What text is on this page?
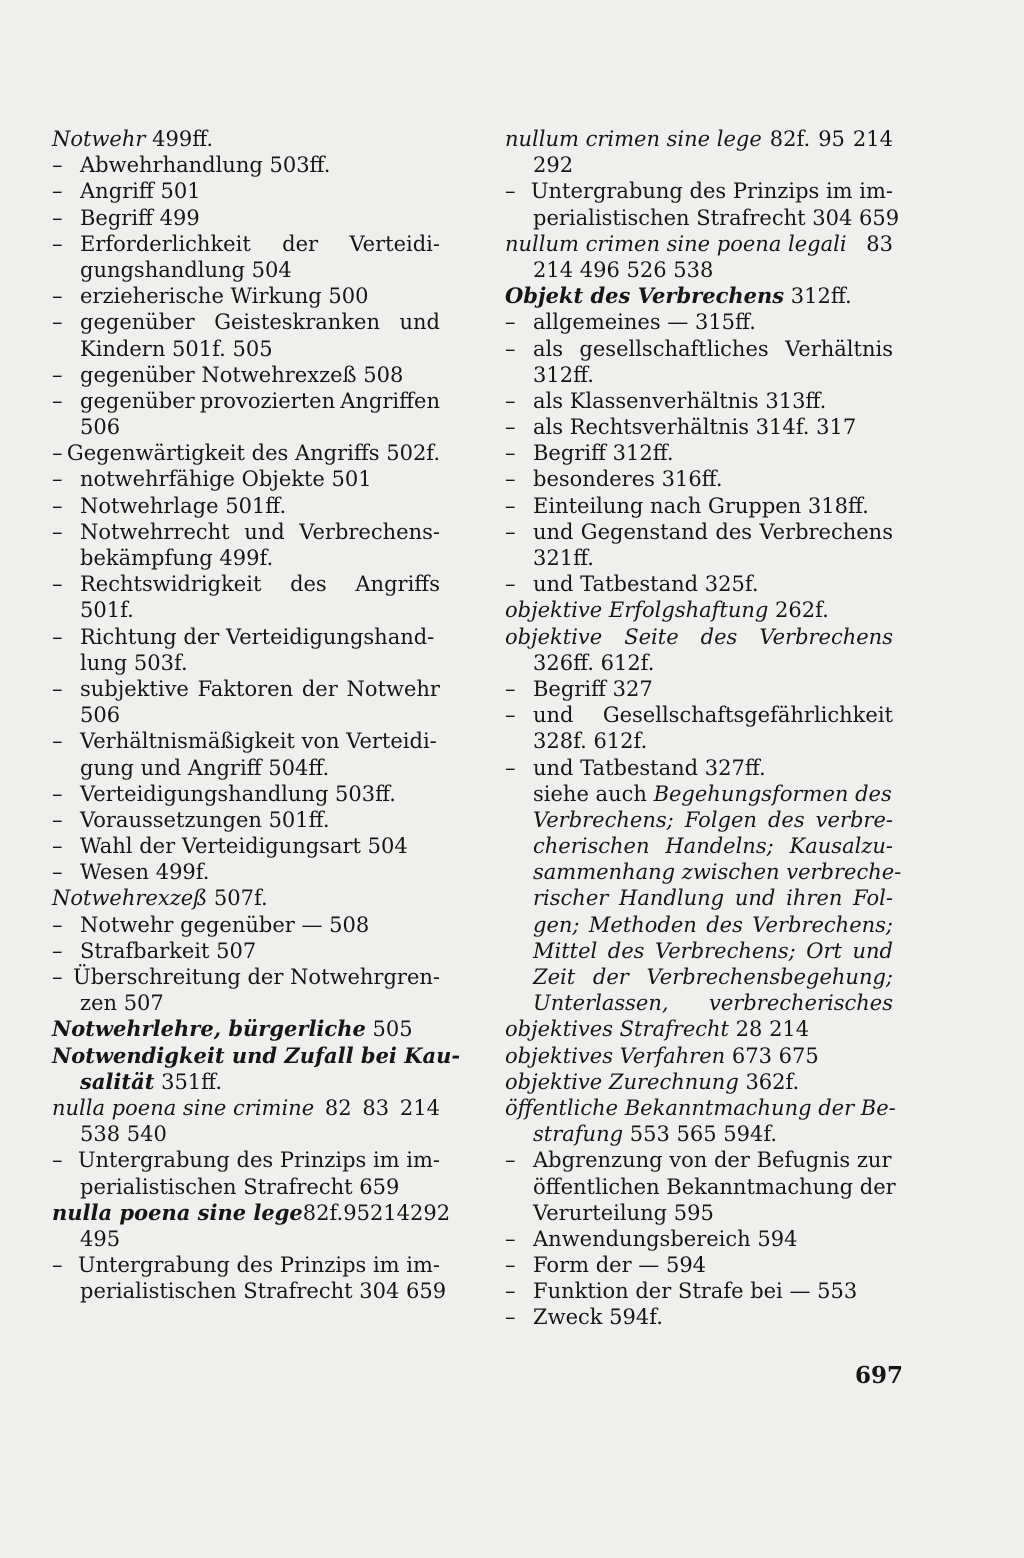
Notwehr 499ff.
– Abwehrhandlung 503ff.
– Angriff 501
– Begriff 499
– Erforderlichkeit der Verteidi-
gungshandlung 504
– erzieherische Wirkung 500
– gegenüber Geisteskranken und
Kindern 501f. 505
– gegenüber Notwehrexzeß 508
– gegenüber provozierten Angriffen
506
– Gegenwärtigkeit des Angriffs 502f.
– notwehrfähige Objekte 501
– Notwehrlage 501ff.
– Notwehrrecht und Verbrechens-
bekämpfung 499f.
– Rechtswidrigkeit des Angriffs
501f.
– Richtung der Verteidigungshand-
lung 503f.
– subjektive Faktoren der Notwehr
506
– Verhältnismäßigkeit von Verteidi-
gung und Angriff 504ff.
– Verteidigungshandlung 503ff.
– Voraussetzungen 501ff.
– Wahl der Verteidigungsart 504
– Wesen 499f.
Notwehrexzeß 507f.
– Notwehr gegenüber — 508
– Strafbarkeit 507
– Überschreitung der Notwehrgren-
zen 507
Notwehrlehre, bürgerliche 505
Notwendigkeit und Zufall bei Kau-
salität 351ff.
nulla poena sine crimine 82 83 214
538 540
– Untergrabung des Prinzips im im-
perialistischen Strafrecht 659
nulla poena sine lege 82f. 95 214 292
495
– Untergrabung des Prinzips im im-
perialistischen Strafrecht 304 659
nullum crimen sine lege 82f. 95 214
292
– Untergrabung des Prinzips im im-
perialistischen Strafrecht 304 659
nullum crimen sine poena legali 83
214 496 526 538
Objekt des Verbrechens 312ff.
– allgemeines — 315ff.
– als gesellschaftliches Verhältnis
312ff.
– als Klassenverhältnis 313ff.
– als Rechtsverhältnis 314f. 317
– Begriff 312ff.
– besonderes 316ff.
– Einteilung nach Gruppen 318ff.
– und Gegenstand des Verbrechens
321ff.
– und Tatbestand 325f.
objektive Erfolgshaftung 262f.
objektive Seite des Verbrechens
326ff. 612f.
– Begriff 327
– und Gesellschaftsgefährlichkeit
328f. 612f.
– und Tatbestand 327ff.
siehe auch Begehungsformen des
Verbrechens; Folgen des verbre-
cherischen Handelns; Kausalzu-
sammenhang zwischen verbreche-
rischer Handlung und ihren Fol-
gen; Methoden des Verbrechens;
Mittel des Verbrechens; Ort und
Zeit der Verbrechensbegehung;
Unterlassen, verbrecherisches
objektives Strafrecht 28 214
objektives Verfahren 673 675
objektive Zurechnung 362f.
öffentliche Bekanntmachung der Be-
strafung 553 565 594f.
– Abgrenzung von der Befugnis zur
öffentlichen Bekanntmachung der
Verurteilung 595
– Anwendungsbereich 594
– Form der — 594
– Funktion der Strafe bei — 553
– Zweck 594f.
697
